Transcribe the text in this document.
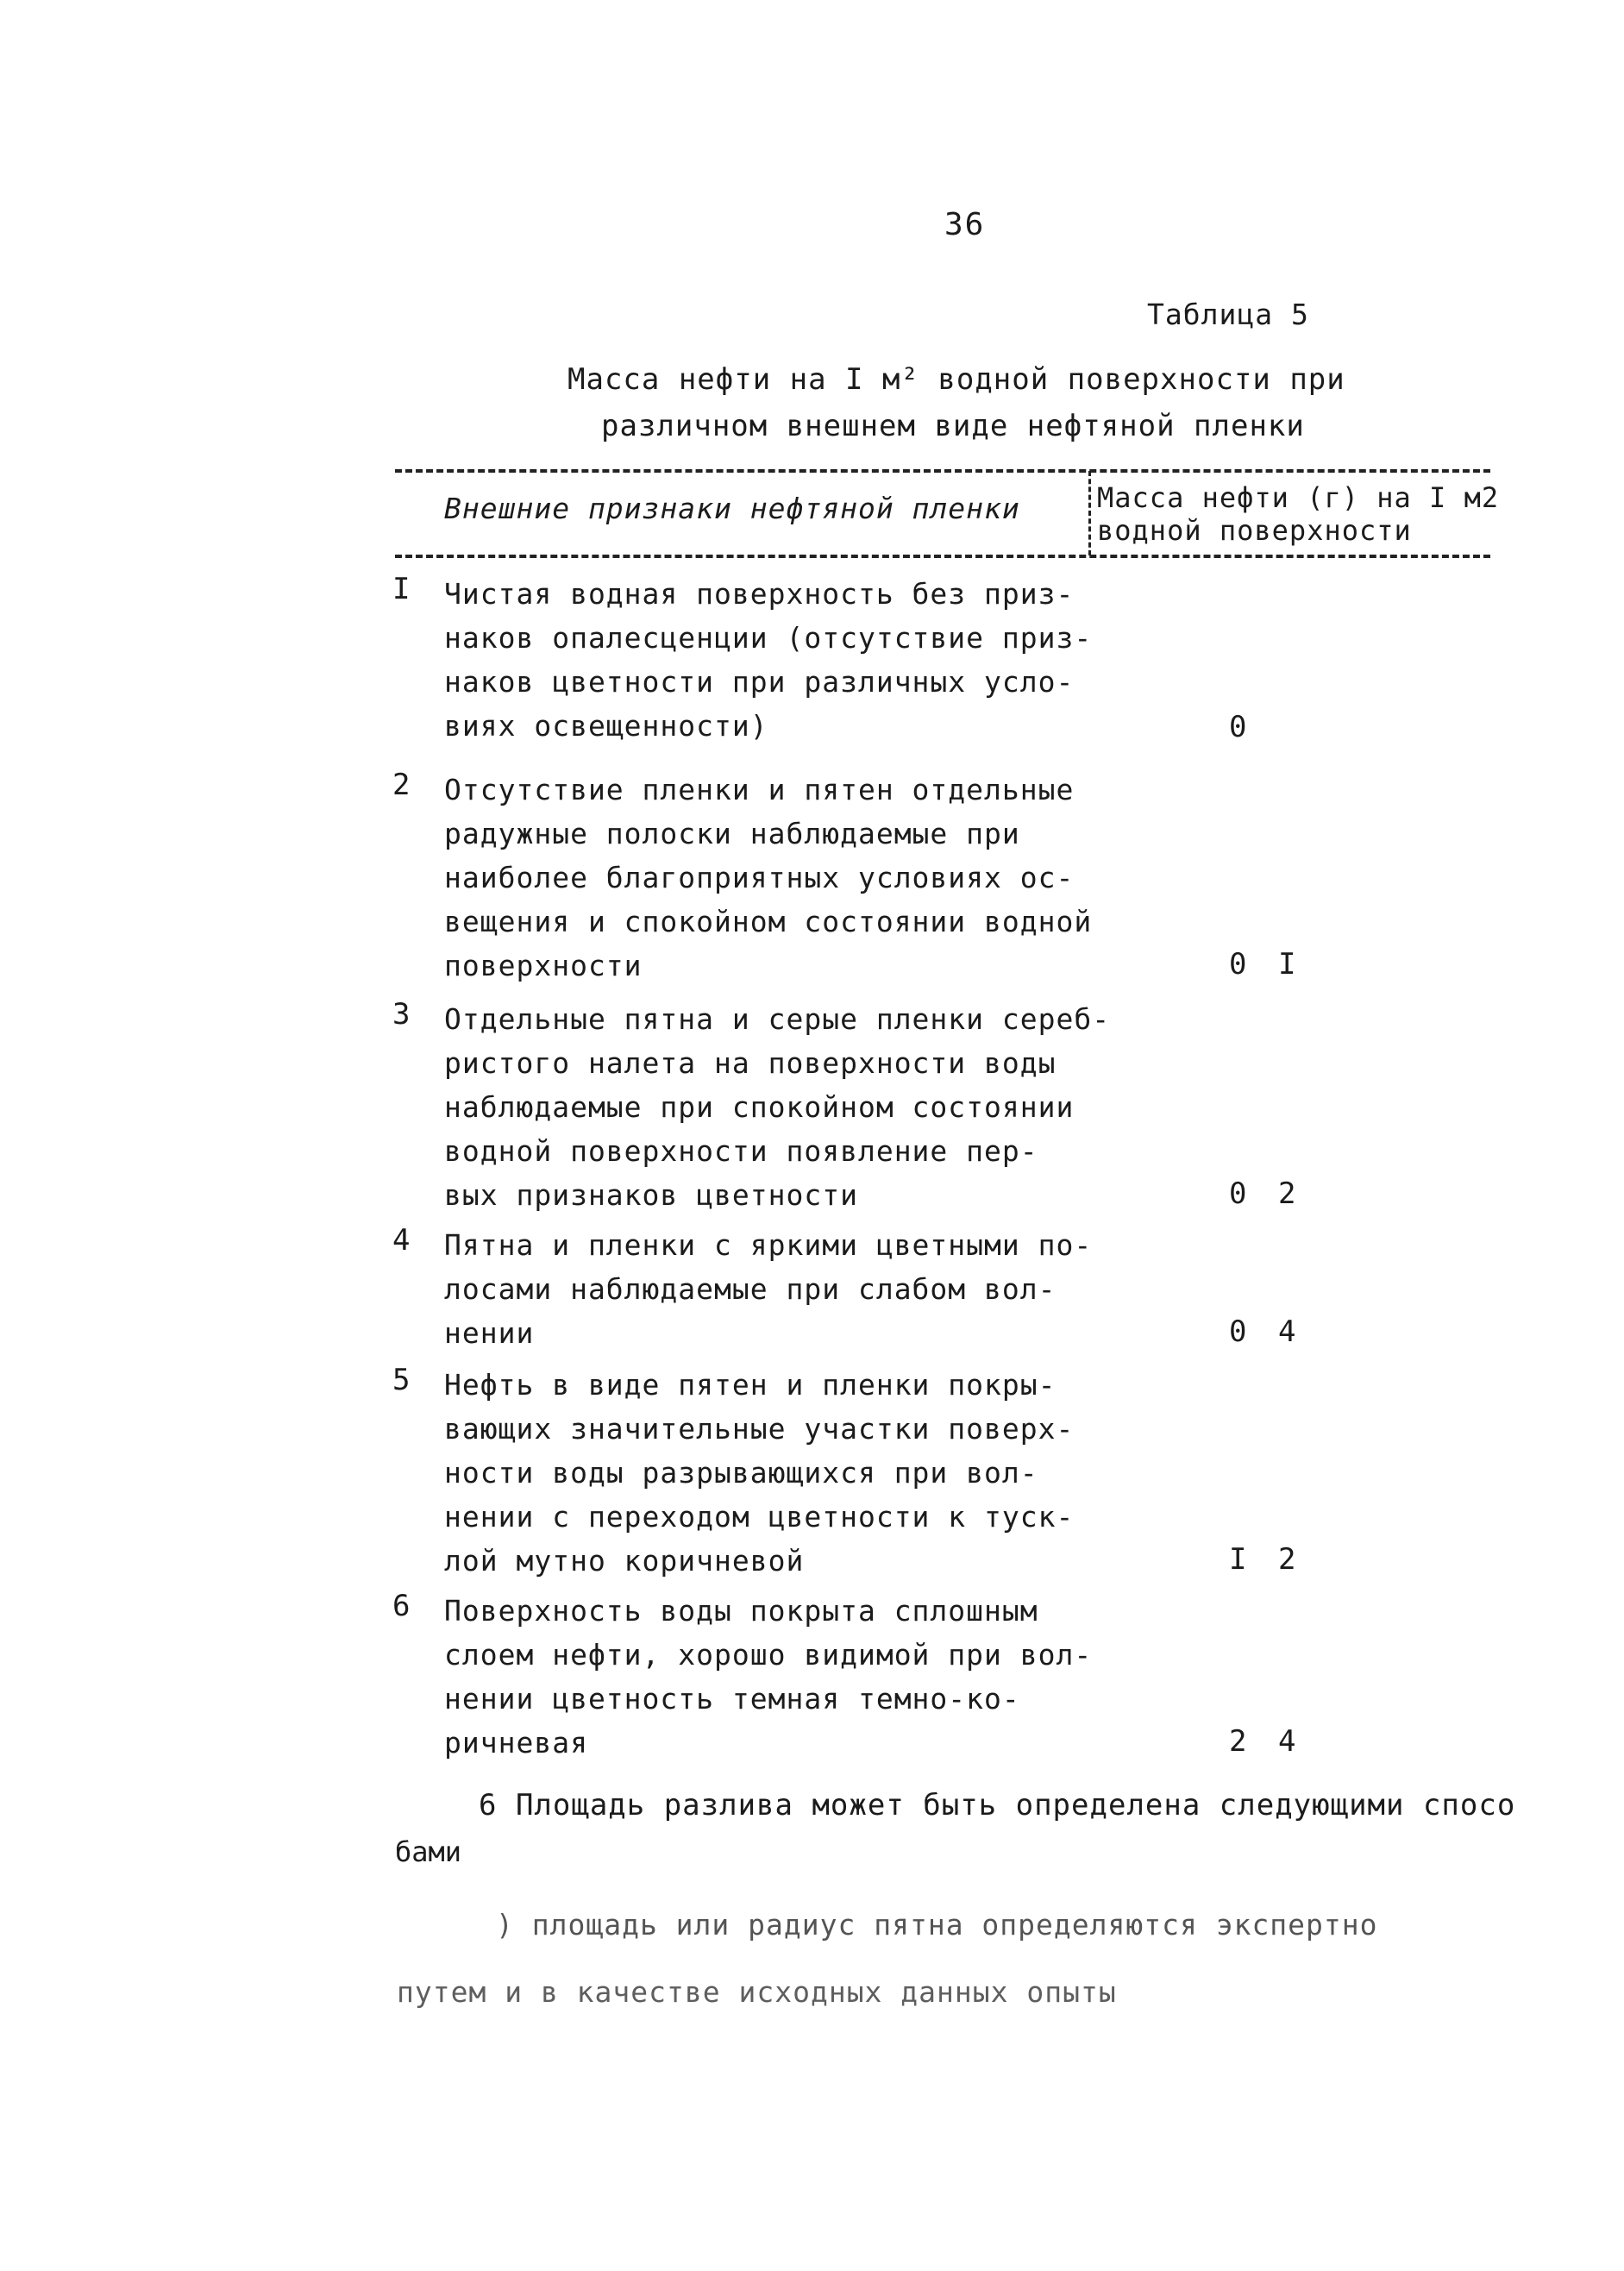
36
Таблица 5
Масса нефти на I м² водной поверхности при
различном внешнем виде нефтяной пленки
Внешние признаки нефтяной пленки	Масса нефти (г) на I м2
водной поверхности
I Чистая водная поверхность без приз-
наков опалесценции (отсутствие приз-
наков цветности при различных усло-
виях освещенности)	0
2 Отсутствие пленки и пятен отдельные
радужные полоски наблюдаемые при
наиболее благоприятных условиях ос-
вещения и спокойном состоянии водной
поверхности	0 I
3 Отдельные пятна и серые пленки сереб-
ристого налета на поверхности воды
наблюдаемые при спокойном состоянии
водной поверхности появление пер-
вых признаков цветности	0 2
4 Пятна и пленки с яркими цветными по-
лосами наблюдаемые при слабом вол-
нении	0 4
5 Нефть в виде пятен и пленки покры-
вающих значительные участки поверх-
ности воды разрывающихся при вол-
нении с переходом цветности к туск-
лой мутно коричневой	I 2
6 Поверхность воды покрыта сплошным
слоем нефти, хорошо видимой при вол-
нении цветность темная темно-ко-
ричневая	2 4
6 Площадь разлива может быть определена следующими спосо
бами
) площадь или радиус пятна определяются экспертно
путем и в качестве исходных данных опыты
